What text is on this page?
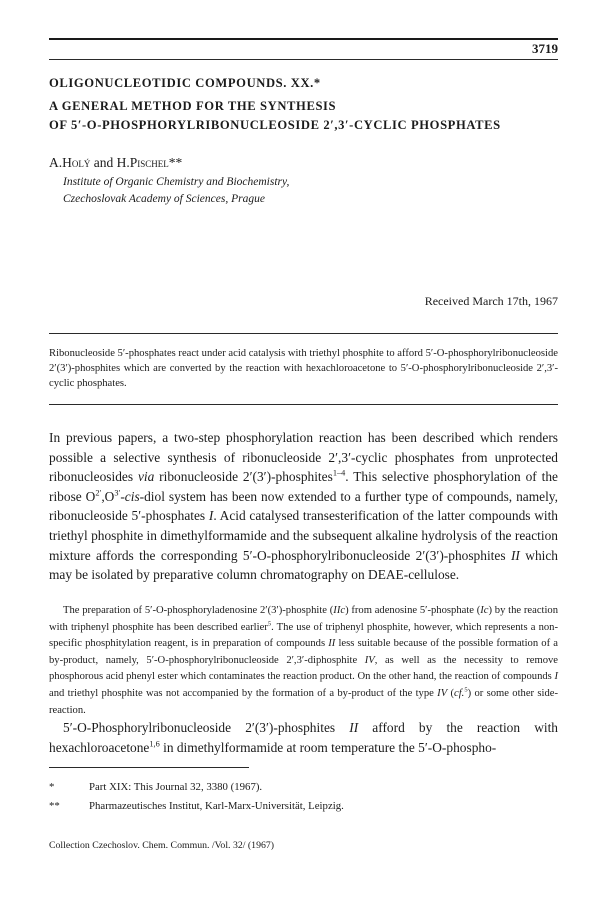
3719
OLIGONUCLEOTIDIC COMPOUNDS. XX.*
A GENERAL METHOD FOR THE SYNTHESIS
OF 5′-O-PHOSPHORYLRIBONUCLEOSIDE 2′,3′-CYCLIC PHOSPHATES
A.Holý and H.Pischel**
Institute of Organic Chemistry and Biochemistry,
Czechoslovak Academy of Sciences, Prague
Received March 17th, 1967
Ribonucleoside 5′-phosphates react under acid catalysis with triethyl phosphite to afford 5′-O-phosphorylribonucleoside 2′(3′)-phosphites which are converted by the reaction with hexachloroacetone to 5′-O-phosphorylribonucleoside 2′,3′-cyclic phosphates.
In previous papers, a two-step phosphorylation reaction has been described which renders possible a selective synthesis of ribonucleoside 2′,3′-cyclic phosphates from unprotected ribonucleosides via ribonucleoside 2′(3′)-phosphites$^{1-4}$. This selective phosphorylation of the ribose $O^{2'},O^{3'}-cis$-diol system has been now extended to a further type of compounds, namely, ribonucleoside 5′-phosphates I. Acid catalysed transesterification of the latter compounds with triethyl phosphite in dimethylformamide and the subsequent alkaline hydrolysis of the reaction mixture affords the corresponding 5′-O-phosphorylribonucleoside 2′(3′)-phosphites II which may be isolated by preparative column chromatography on DEAE-cellulose.
The preparation of 5′-O-phosphoryladenosine 2′(3′)-phosphite (IIc) from adenosine 5′-phosphate (Ic) by the reaction with triphenyl phosphite has been described earlier$^5$. The use of triphenyl phosphite, however, which represents a non-specific phosphitylation reagent, is in preparation of compounds II less suitable because of the possible formation of a by-product, namely, 5′-O-phosphorylribonucleoside 2′,3′-diphosphite IV, as well as the necessity to remove phosphorous acid phenyl ester which contaminates the reaction product. On the other hand, the reaction of compounds I and triethyl phosphite was not accompanied by the formation of a by-product of the type IV (cf.$^5$) or some other side-reaction.
5′-O-Phosphorylribonucleoside 2′(3′)-phosphites II afford by the reaction with hexachloroacetone$^{1,6}$ in dimethylformamide at room temperature the 5′-O-phospho-
*	Part XIX: This Journal 32, 3380 (1967).
**	Pharmazeutisches Institut, Karl-Marx-Universität, Leipzig.
Collection Czechoslov. Chem. Commun. /Vol. 32/ (1967)
